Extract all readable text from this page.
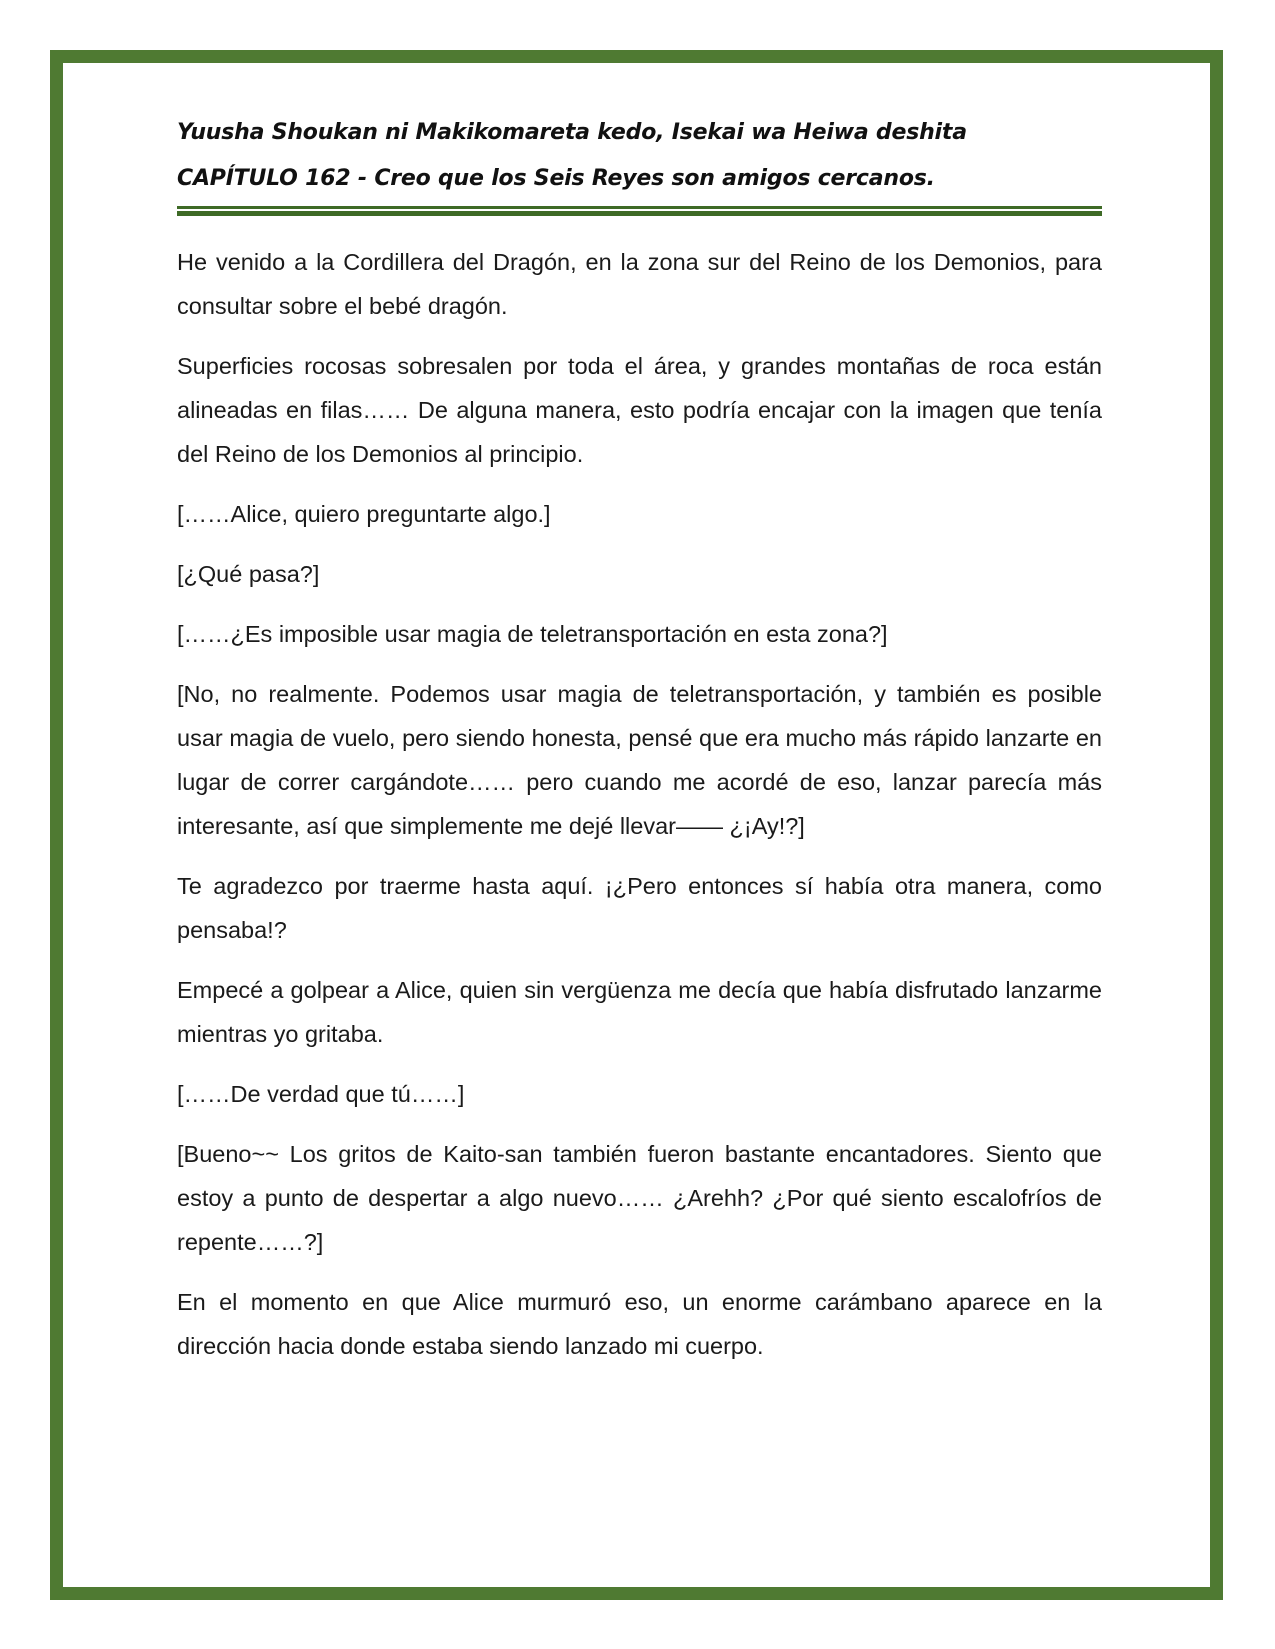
Yuusha Shoukan ni Makikomareta kedo, Isekai wa Heiwa deshita
CAPÍTULO 162 - Creo que los Seis Reyes son amigos cercanos.

He venido a la Cordillera del Dragón, en la zona sur del Reino de los Demonios, para consultar sobre el bebé dragón.

Superficies rocosas sobresalen por toda el área, y grandes montañas de roca están alineadas en filas…… De alguna manera, esto podría encajar con la imagen que tenía del Reino de los Demonios al principio.

[……Alice, quiero preguntarte algo.]

[¿Qué pasa?]

[……¿Es imposible usar magia de teletransportación en esta zona?]

[No, no realmente. Podemos usar magia de teletransportación, y también es posible usar magia de vuelo, pero siendo honesta, pensé que era mucho más rápido lanzarte en lugar de correr cargándote…… pero cuando me acordé de eso, lanzar parecía más interesante, así que simplemente me dejé llevar—— ¿¡Ay!?]

Te agradezco por traerme hasta aquí. ¡¿Pero entonces sí había otra manera, como pensaba!?

Empecé a golpear a Alice, quien sin vergüenza me decía que había disfrutado lanzarme mientras yo gritaba.

[……De verdad que tú……]

[Bueno~~ Los gritos de Kaito-san también fueron bastante encantadores. Siento que estoy a punto de despertar a algo nuevo…… ¿Arehh? ¿Por qué siento escalofríos de repente……?]

En el momento en que Alice murmuró eso, un enorme carámbano aparece en la dirección hacia donde estaba siendo lanzado mi cuerpo.
